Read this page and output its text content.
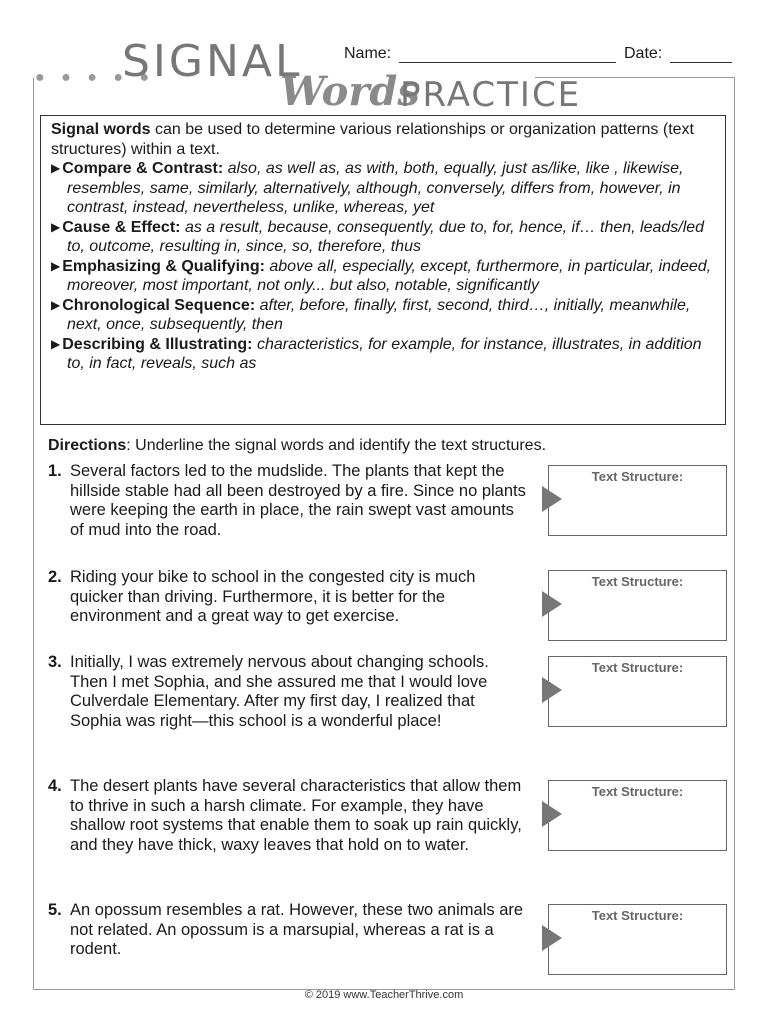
● ● ● ● ●
SIGNAL
Words
PRACTICE
Name:	Date:

Signal words can be used to determine various relationships or organization patterns (text structures) within a text.

▶ Compare & Contrast: also, as well as, as with, both, equally, just as/like, like , likewise, resembles, same, similarly, alternatively, although, conversely, differs from, however, in contrast, instead, nevertheless, unlike, whereas, yet

▶ Cause & Effect: as a result, because, consequently, due to, for, hence, if… then, leads/led to, outcome, resulting in, since, so, therefore, thus

▶ Emphasizing & Qualifying: above all, especially, except, furthermore, in particular, indeed, moreover, most important, not only... but also, notable, significantly

▶ Chronological Sequence: after, before, finally, first, second, third…, initially, meanwhile, next, once, subsequently, then

▶ Describing & Illustrating: characteristics, for example, for instance, illustrates, in addition to, in fact, reveals, such as

Directions: Underline the signal words and identify the text structures.
1. Several factors led to the mudslide. The plants that kept the hillside stable had all been destroyed by a fire. Since no plants were keeping the earth in place, the rain swept vast amounts of mud into the road.
Text Structure:
2. Riding your bike to school in the congested city is much quicker than driving. Furthermore, it is better for the environment and a great way to get exercise.
Text Structure:
3. Initially, I was extremely nervous about changing schools. Then I met Sophia, and she assured me that I would love Culverdale Elementary. After my first day, I realized that Sophia was right—this school is a wonderful place!
Text Structure:
4. The desert plants have several characteristics that allow them to thrive in such a harsh climate. For example, they have shallow root systems that enable them to soak up rain quickly, and they have thick, waxy leaves that hold on to water.
Text Structure:
5. An opossum resembles a rat. However, these two animals are not related. An opossum is a marsupial, whereas a rat is a rodent.
Text Structure:
© 2019 www.TeacherThrive.com
